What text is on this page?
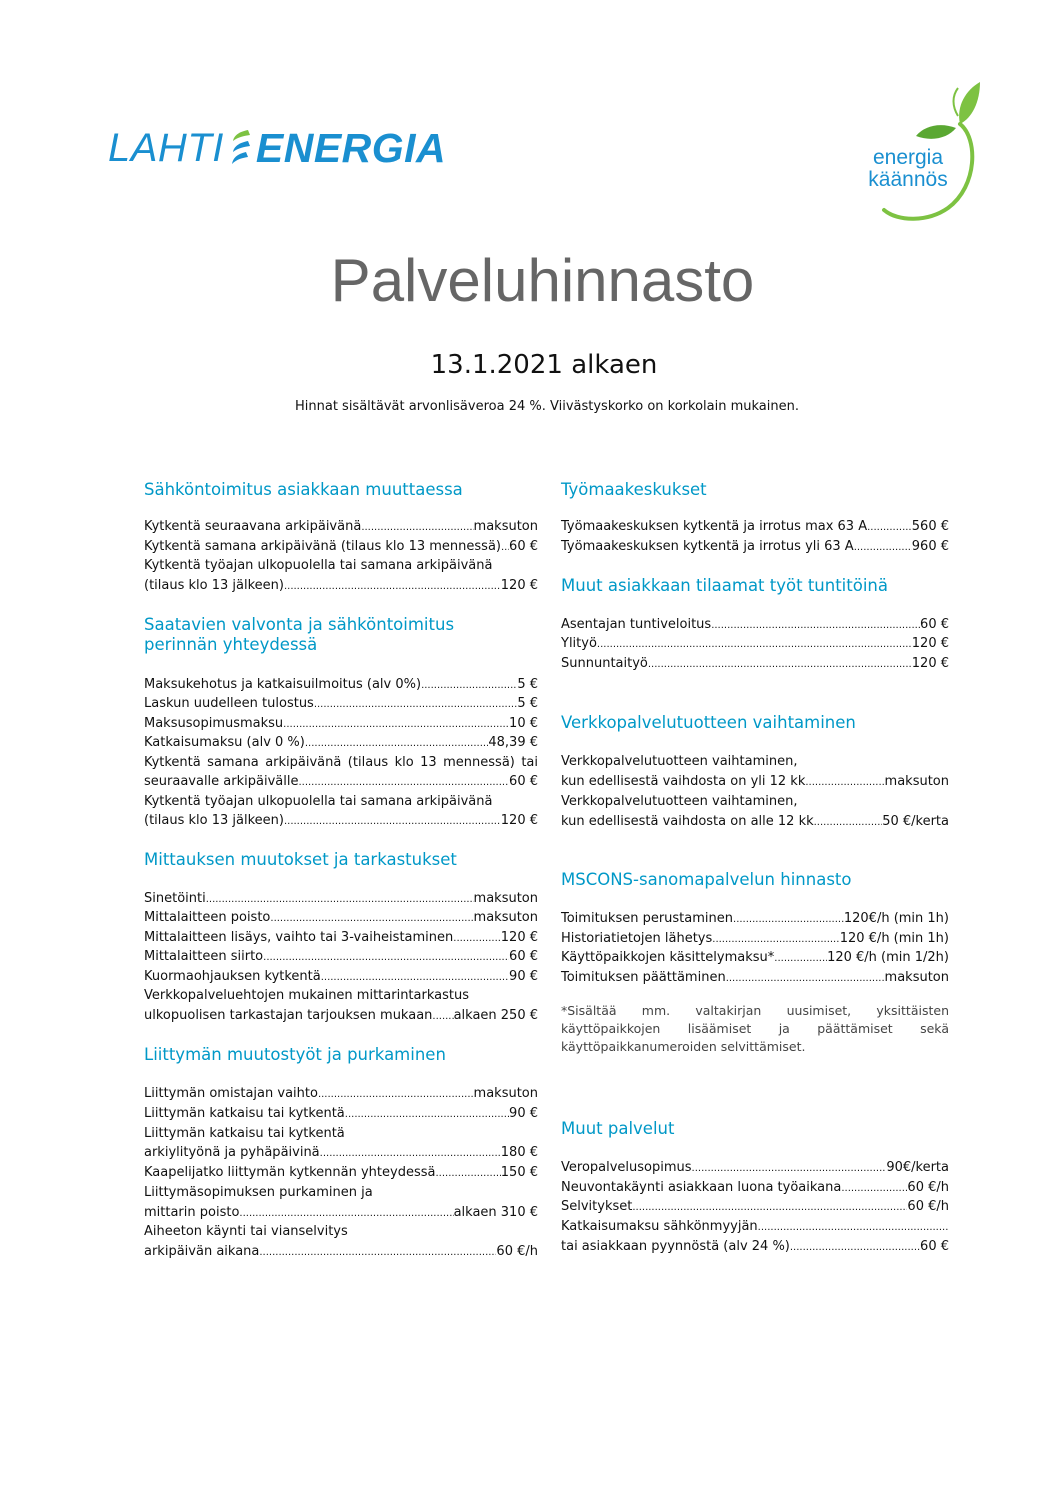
LAHTI ENERGIA	energia
käännös
Palveluhinnasto
13.1.2021 alkaen
Hinnat sisältävät arvonlisäveroa 24 %. Viivästyskorko on korkolain mukainen.
Sähköntoimitus asiakkaan muuttaessa
Kytkentä seuraavana arkipäivänä .....	maksuton
Kytkentä samana arkipäivänä (tilaus klo 13 mennessä) ..... 60 €
Kytkentä työajan ulkopuolella tai samana arkipäivänä
(tilaus klo 13 jälkeen) .....	120 €
Saatavien valvonta ja sähköntoimitus
perinnän yhteydessä
Maksukehotus ja katkaisuilmoitus (alv 0%) .....	5 €
Laskun uudelleen tulostus .....	5 €
Maksusopimusmaksu .....	10 €
Katkaisumaksu (alv 0 %) .....	48,39 €
Kytkentä samana arkipäivänä (tilaus klo 13 mennessä) tai
seuraavalle arkipäivälle .....	60 €
Kytkentä työajan ulkopuolella tai samana arkipäivänä
(tilaus klo 13 jälkeen) .....	120 €
Mittauksen muutokset ja tarkastukset
Sinetöinti .....	maksuton
Mittalaitteen poisto .....	maksuton
Mittalaitteen lisäys, vaihto tai 3-vaiheistaminen .....	120 €
Mittalaitteen siirto .....	60 €
Kuormaohjauksen kytkentä .....	90 €
Verkkopalveluehtojen mukainen mittarintarkastus
ulkopuolisen tarkastajan tarjouksen mukaan ..... alkaen 250 €
Liittymän muutostyöt ja purkaminen
Liittymän omistajan vaihto .....	maksuton
Liittymän katkaisu tai kytkentä .....	90 €
Liittymän katkaisu tai kytkentä
arkiylityönä ja pyhäpäivinä .....	180 €
Kaapelijatko liittymän kytkennän yhteydessä .....	150 €
Liittymäsopimuksen purkaminen ja
mittarin poisto .....	alkaen 310 €
Aiheeton käynti tai vianselvitys
arkipäivän aikana .....	60 €/h
Työmaakeskukset
Työmaakeskuksen kytkentä ja irrotus max 63 A .....	560 €
Työmaakeskuksen kytkentä ja irrotus yli 63 A .....	960 €
Muut asiakkaan tilaamat työt tuntitöinä
Asentajan tuntiveloitus .....	60 €
Ylityö .....	120 €
Sunnuntaityö .....	120 €
Verkkopalvelutuotteen vaihtaminen
Verkkopalvelutuotteen vaihtaminen,
kun edellisestä vaihdosta on yli 12 kk .....	maksuton
Verkkopalvelutuotteen vaihtaminen,
kun edellisestä vaihdosta on alle 12 kk .....	50 €/kerta
MSCONS-sanomapalvelun hinnasto
Toimituksen perustaminen .....	120€/h (min 1h)
Historiatietojen lähetys .....	120 €/h (min 1h)
Käyttöpaikkojen käsittelymaksu* .....	120 €/h (min 1/2h)
Toimituksen päättäminen .....	maksuton
*Sisältää mm. valtakirjan uusimiset, yksittäisten käyttöpaikkojen lisäämiset ja päättämiset sekä käyttöpaikkanumeroiden selvittämiset.
Muut palvelut
Veropalvelusopimus .....	90€/kerta
Neuvontakäynti asiakkaan luona työaikana .....	60 €/h
Selvitykset .....	60 €/h
Katkaisumaksu sähkönmyyjän
.....
tai asiakkaan pyynnöstä (alv 24 %) .....	60 €
